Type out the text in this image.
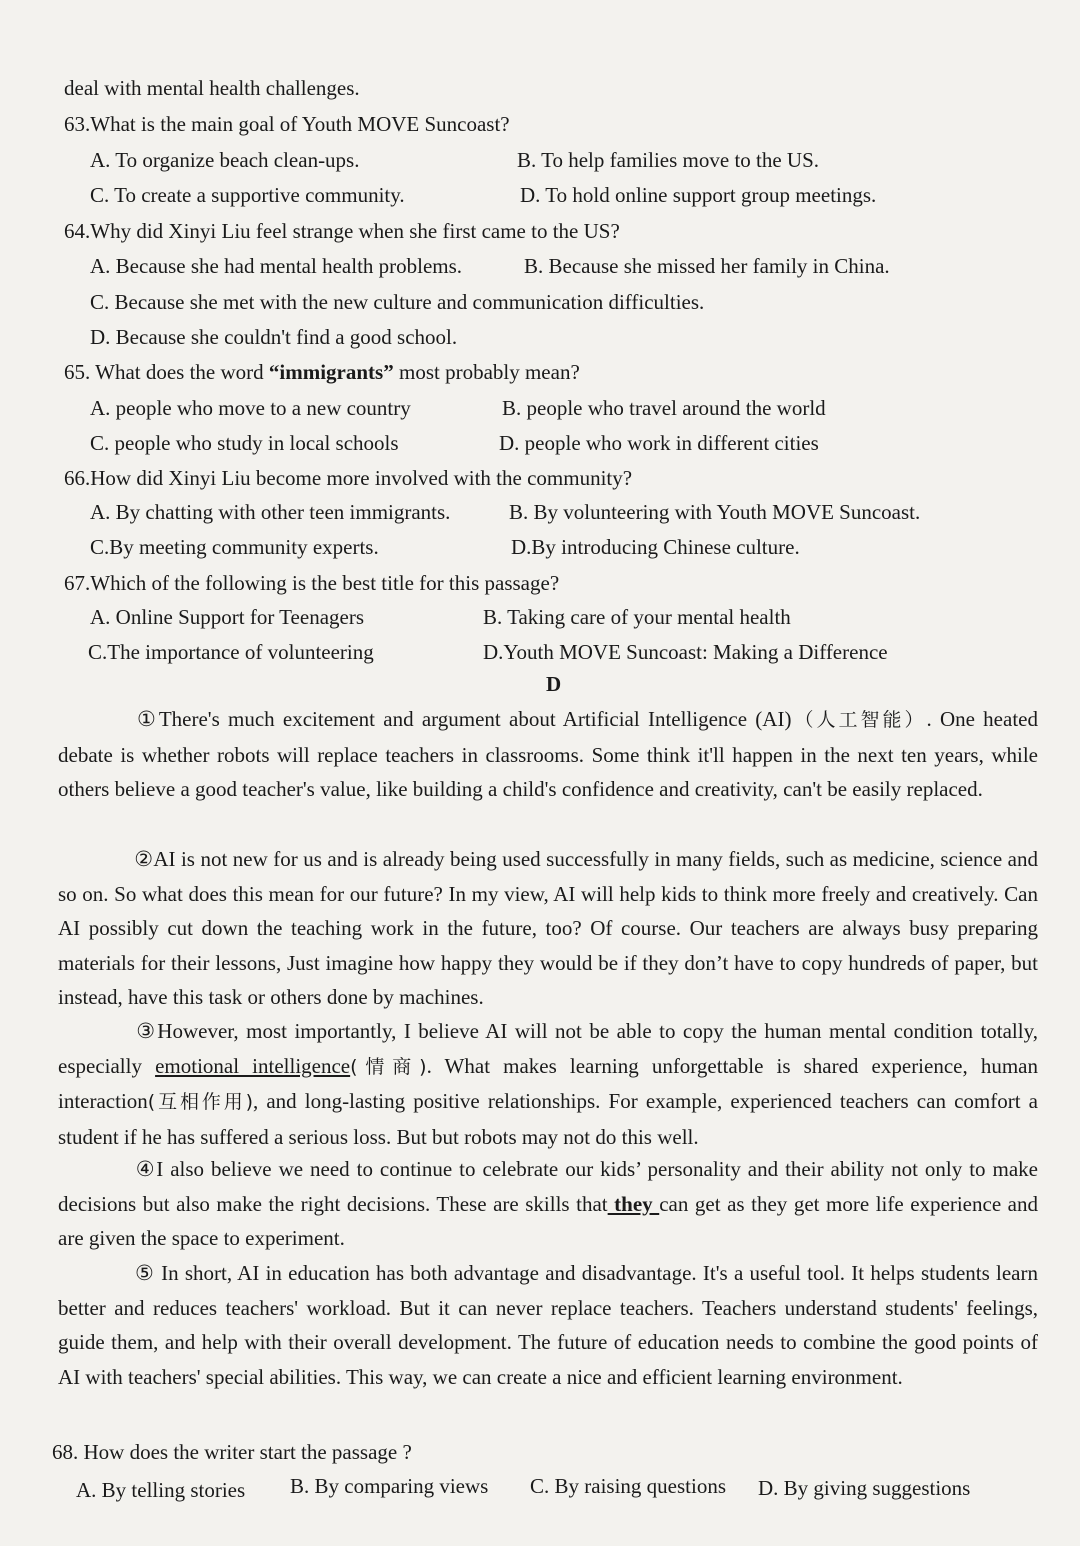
deal with mental health challenges.
63.What is the main goal of Youth MOVE Suncoast?
A. To organize beach clean-ups.	B. To help families move to the US.
C. To create a supportive community.	D. To hold online support group meetings.
64.Why did Xinyi Liu feel strange when she first came to the US?
A. Because she had mental health problems.	B. Because she missed her family in China.
C. Because she met with the new culture and communication difficulties.
D. Because she couldn't find a good school.
65. What does the word “immigrants” most probably mean?
A. people who move to a new country	B. people who travel around the world
C. people who study in local schools	D. people who work in different cities
66.How did Xinyi Liu become more involved with the community?
A. By chatting with other teen immigrants.	B. By volunteering with Youth MOVE Suncoast.
C.By meeting community experts.	D.By introducing Chinese culture.
67.Which of the following is the best title for this passage?
A. Online Support for Teenagers	B. Taking care of your mental health
C.The importance of volunteering	D.Youth MOVE Suncoast: Making a Difference
D
①There's much excitement and argument about Artificial Intelligence (AI)（人工智能）. One heated debate is whether robots will replace teachers in classrooms. Some think it'll happen in the next ten years, while others believe a good teacher's value, like building a child's confidence and creativity, can't be easily replaced.
②AI is not new for us and is already being used successfully in many fields, such as medicine, science and so on. So what does this mean for our future? In my view, AI will help kids to think more freely and creatively. Can AI possibly cut down the teaching work in the future, too? Of course. Our teachers are always busy preparing materials for their lessons, Just imagine how happy they would be if they don’t have to copy hundreds of paper, but instead, have this task or others done by machines.
③However, most importantly, I believe AI will not be able to copy the human mental condition totally, especially emotional intelligence(情商). What makes learning unforgettable is shared experience, human interaction(互相作用), and long-lasting positive relationships. For example, experienced teachers can comfort a student if he has suffered a serious loss. But but robots may not do this well.
④I also believe we need to continue to celebrate our kids’ personality and their ability not only to make decisions but also make the right decisions. These are skills that they can get as they get more life experience and are given the space to experiment.
⑤ In short, AI in education has both advantage and disadvantage. It's a useful tool. It helps students learn better and reduces teachers' workload. But it can never replace teachers. Teachers understand students' feelings, guide them, and help with their overall development. The future of education needs to combine the good points of AI with teachers' special abilities. This way, we can create a nice and efficient learning environment.
68. How does the writer start the passage ?
A. By telling stories B. By comparing views C. By raising questions D. By giving suggestions
